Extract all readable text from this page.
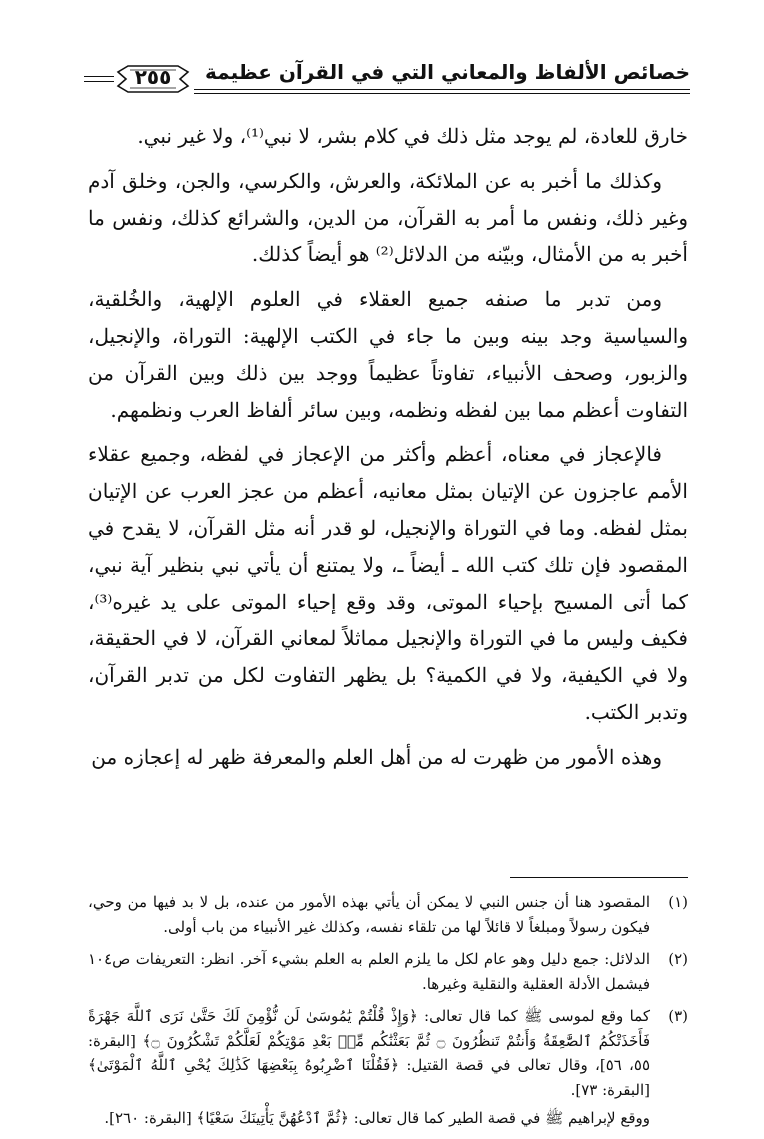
خصائص الألفاظ والمعاني التي في القرآن عظيمة
٢٥٥

خارق للعادة، لم يوجد مثل ذلك في كلام بشر، لا نبي⁽¹⁾، ولا غير نبي.

وكذلك ما أخبر به عن الملائكة، والعرش، والكرسي، والجن، وخلق آدم وغير ذلك، ونفس ما أمر به القرآن، من الدين، والشرائع كذلك، ونفس ما أخبر به من الأمثال، وبيّنه من الدلائل⁽²⁾ هو أيضاً كذلك.

ومن تدبر ما صنفه جميع العقلاء في العلوم الإلهية، والخُلقية، والسياسية وجد بينه وبين ما جاء في الكتب الإلهية: التوراة، والإنجيل، والزبور، وصحف الأنبياء، تفاوتاً عظيماً ووجد بين ذلك وبين القرآن من التفاوت أعظم مما بين لفظه ونظمه، وبين سائر ألفاظ العرب ونظمهم.

فالإعجاز في معناه، أعظم وأكثر من الإعجاز في لفظه، وجميع عقلاء الأمم عاجزون عن الإتيان بمثل معانيه، أعظم من عجز العرب عن الإتيان بمثل لفظه. وما في التوراة والإنجيل، لو قدر أنه مثل القرآن، لا يقدح في المقصود فإن تلك كتب الله ـ أيضاً ـ، ولا يمتنع أن يأتي نبي بنظير آية نبي، كما أتى المسيح بإحياء الموتى، وقد وقع إحياء الموتى على يد غيره⁽³⁾، فكيف وليس ما في التوراة والإنجيل مماثلاً لمعاني القرآن، لا في الحقيقة، ولا في الكيفية، ولا في الكمية؟ بل يظهر التفاوت لكل من تدبر القرآن، وتدبر الكتب.

وهذه الأمور من ظهرت له من أهل العلم والمعرفة ظهر له إعجازه من

(١)
المقصود هنا أن جنس النبي لا يمكن أن يأتي بهذه الأمور من عنده، بل لا بد فيها من وحي، فيكون رسولاً ومبلغاً لا قائلاً لها من تلقاء نفسه، وكذلك غير الأنبياء من باب أولى.
(٢)
الدلائل: جمع دليل وهو عام لكل ما يلزم العلم به العلم بشيء آخر. انظر: التعريفات ص١٠٤ فيشمل الأدلة العقلية والنقلية وغيرها.
(٣)
كما وقع لموسى ﷺ كما قال تعالى: ﴿وَإِذْ قُلْتُمْ يَٰمُوسَىٰ لَن نُّؤْمِنَ لَكَ حَتَّىٰ نَرَى ٱللَّهَ جَهْرَةً فَأَخَذَتْكُمُ ٱلصَّٰعِقَةُ وَأَنتُمْ تَنظُرُونَ ۝ ثُمَّ بَعَثْنَٰكُم مِّنۢ بَعْدِ مَوْتِكُمْ لَعَلَّكُمْ تَشْكُرُونَ ۝﴾ [البقرة: ٥٥، ٥٦]، وقال تعالى في قصة القتيل: ﴿فَقُلْنَا ٱضْرِبُوهُ بِبَعْضِهَا كَذَٰلِكَ يُحْىِ ٱللَّهُ ٱلْمَوْتَىٰ﴾ [البقرة: ٧٣].
ووقع لإبراهيم ﷺ في قصة الطير كما قال تعالى: ﴿ثُمَّ ٱدْعُهُنَّ يَأْتِينَكَ سَعْيًا﴾ [البقرة: ٢٦٠].
